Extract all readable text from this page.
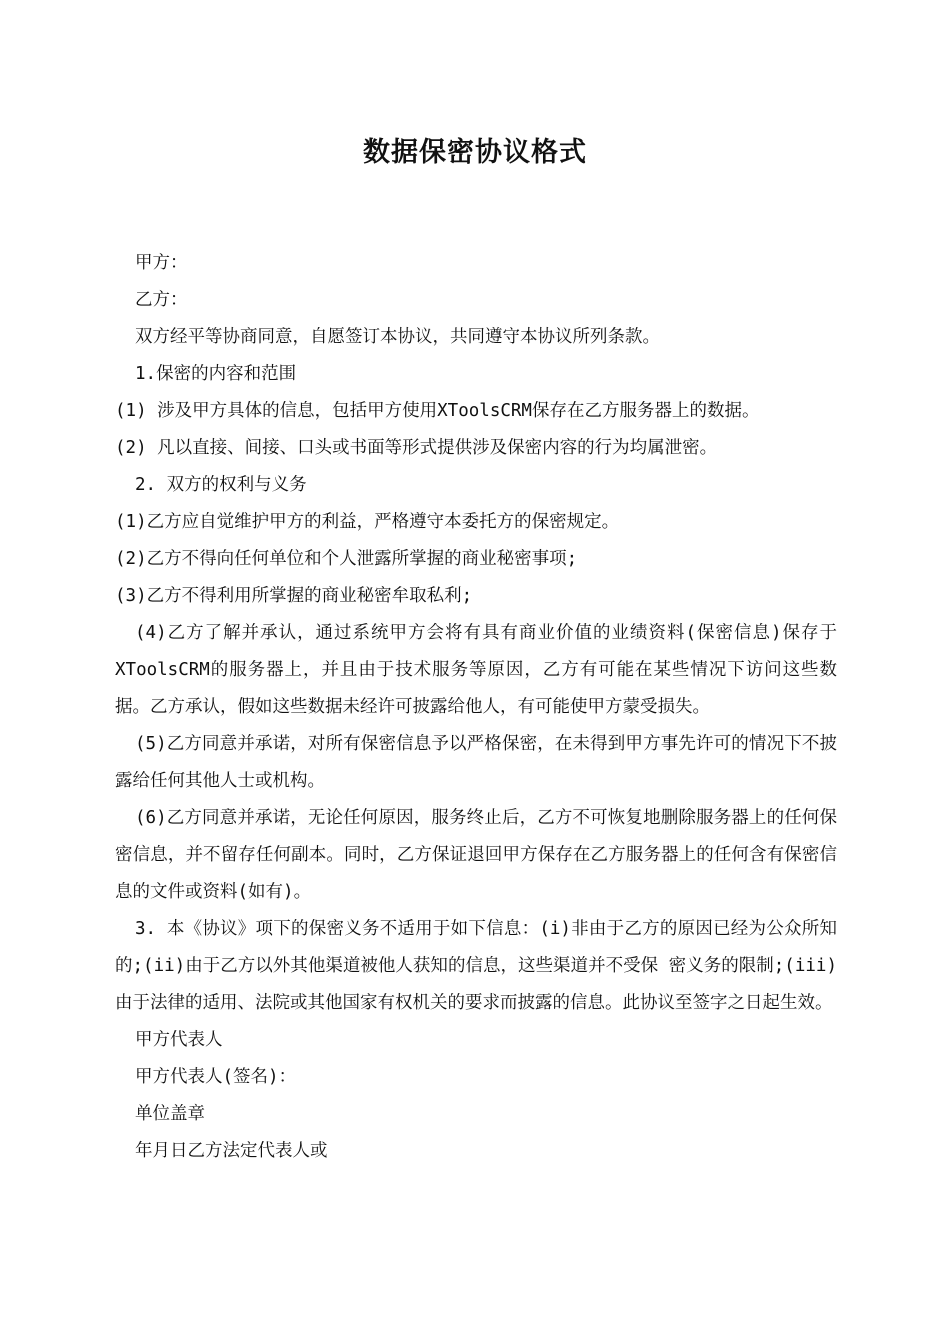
数据保密协议格式

甲方：

乙方：

双方经平等协商同意，自愿签订本协议，共同遵守本协议所列条款。

1.保密的内容和范围

(1) 涉及甲方具体的信息，包括甲方使用XToolsCRM保存在乙方服务器上的数据。

(2) 凡以直接、间接、口头或书面等形式提供涉及保密内容的行为均属泄密。

2. 双方的权利与义务

(1)乙方应自觉维护甲方的利益，严格遵守本委托方的保密规定。

(2)乙方不得向任何单位和个人泄露所掌握的商业秘密事项;

(3)乙方不得利用所掌握的商业秘密牟取私利;

(4)乙方了解并承认，通过系统甲方会将有具有商业价值的业绩资料(保密信息)保存于XToolsCRM的服务器上，并且由于技术服务等原因，乙方有可能在某些情况下访问这些数据。乙方承认，假如这些数据未经许可披露给他人，有可能使甲方蒙受损失。

(5)乙方同意并承诺，对所有保密信息予以严格保密，在未得到甲方事先许可的情况下不披露给任何其他人士或机构。

(6)乙方同意并承诺，无论任何原因，服务终止后，乙方不可恢复地删除服务器上的任何保密信息，并不留存任何副本。同时，乙方保证退回甲方保存在乙方服务器上的任何含有保密信息的文件或资料(如有)。

3. 本《协议》项下的保密义务不适用于如下信息：(i)非由于乙方的原因已经为公众所知的;(ii)由于乙方以外其他渠道被他人获知的信息，这些渠道并不受保 密义务的限制;(iii)由于法律的适用、法院或其他国家有权机关的要求而披露的信息。此协议至签字之日起生效。

甲方代表人

甲方代表人(签名)：

单位盖章

年月日乙方法定代表人或
